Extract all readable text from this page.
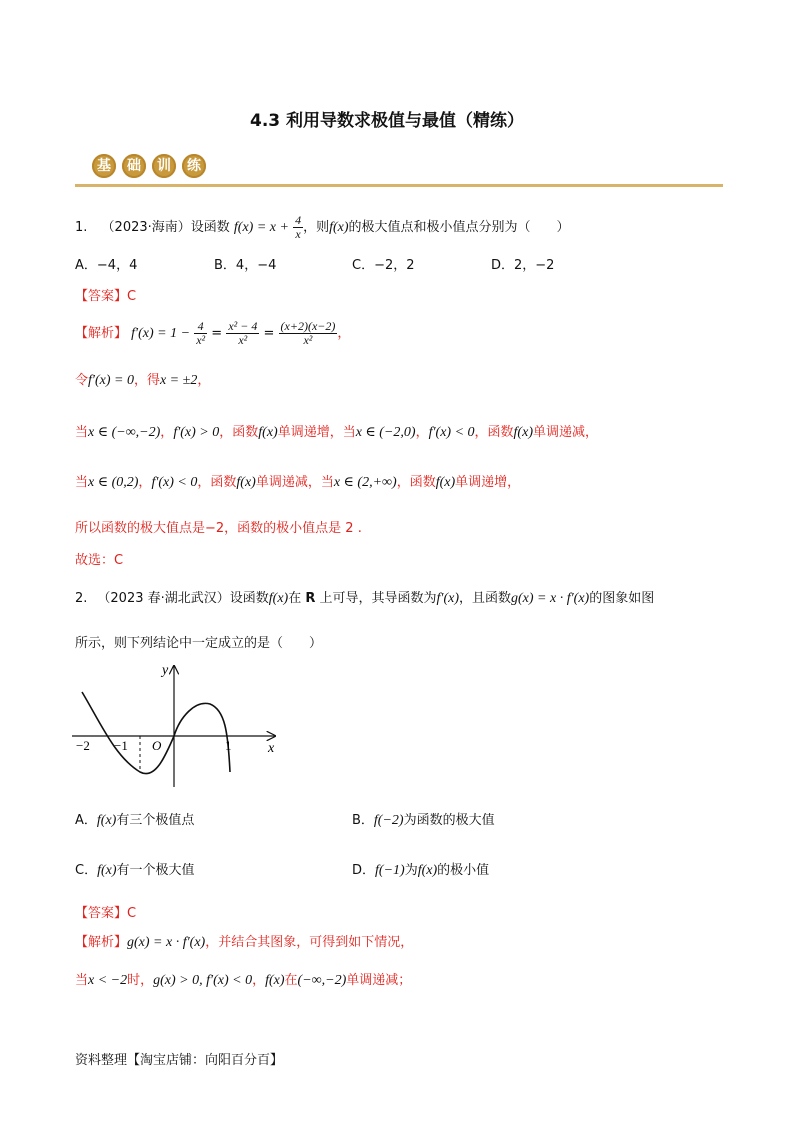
4.3 利用导数求极值与最值（精练）
基 础 训 练
1. （2023·海南）设函数 $f(x) = x + \frac{4}{x}$ ，则f(x)的极大值点和极小值点分别为（　　）
A．−4，4	B．4，−4	C．−2，2	D．2，−2
【答案】C
【解析】 $f'(x) = 1 - \frac{4}{\text{x²}} = \frac{\text{x² − 4}}{\text{x²}} = \frac{(x+2)(x-2)}{\text{x²}}$ ，
令f′(x) = 0，得x = ±2，
当x ∈ (−∞,−2)，f′(x) > 0，函数f(x)单调递增，当x ∈ (−2,0)，f′(x) < 0，函数f(x)单调递减，
当x ∈ (0,2)，f′(x) < 0，函数f(x)单调递减，当x ∈ (2,+∞)，函数f(x)单调递增，
所以函数的极大值点是−2，函数的极小值点是 2 .
故选：C
2. （2023 春·湖北武汉）设函数f(x)在 R 上可导，其导函数为f′(x)，且函数g(x) = x · f′(x)的图象如图
所示，则下列结论中一定成立的是（　　）
y
x
O
−2 −1	1
A．f(x)有三个极值点	B．f(−2)为函数的极大值
C．f(x)有一个极大值	D．f(−1)为f(x)的极小值
【答案】C
【解析】g(x) = x · f′(x)，并结合其图象，可得到如下情况，
当x < −2时，g(x) > 0, f′(x) < 0，f(x)在(−∞,−2)单调递减；
资料整理【淘宝店铺：向阳百分百】
